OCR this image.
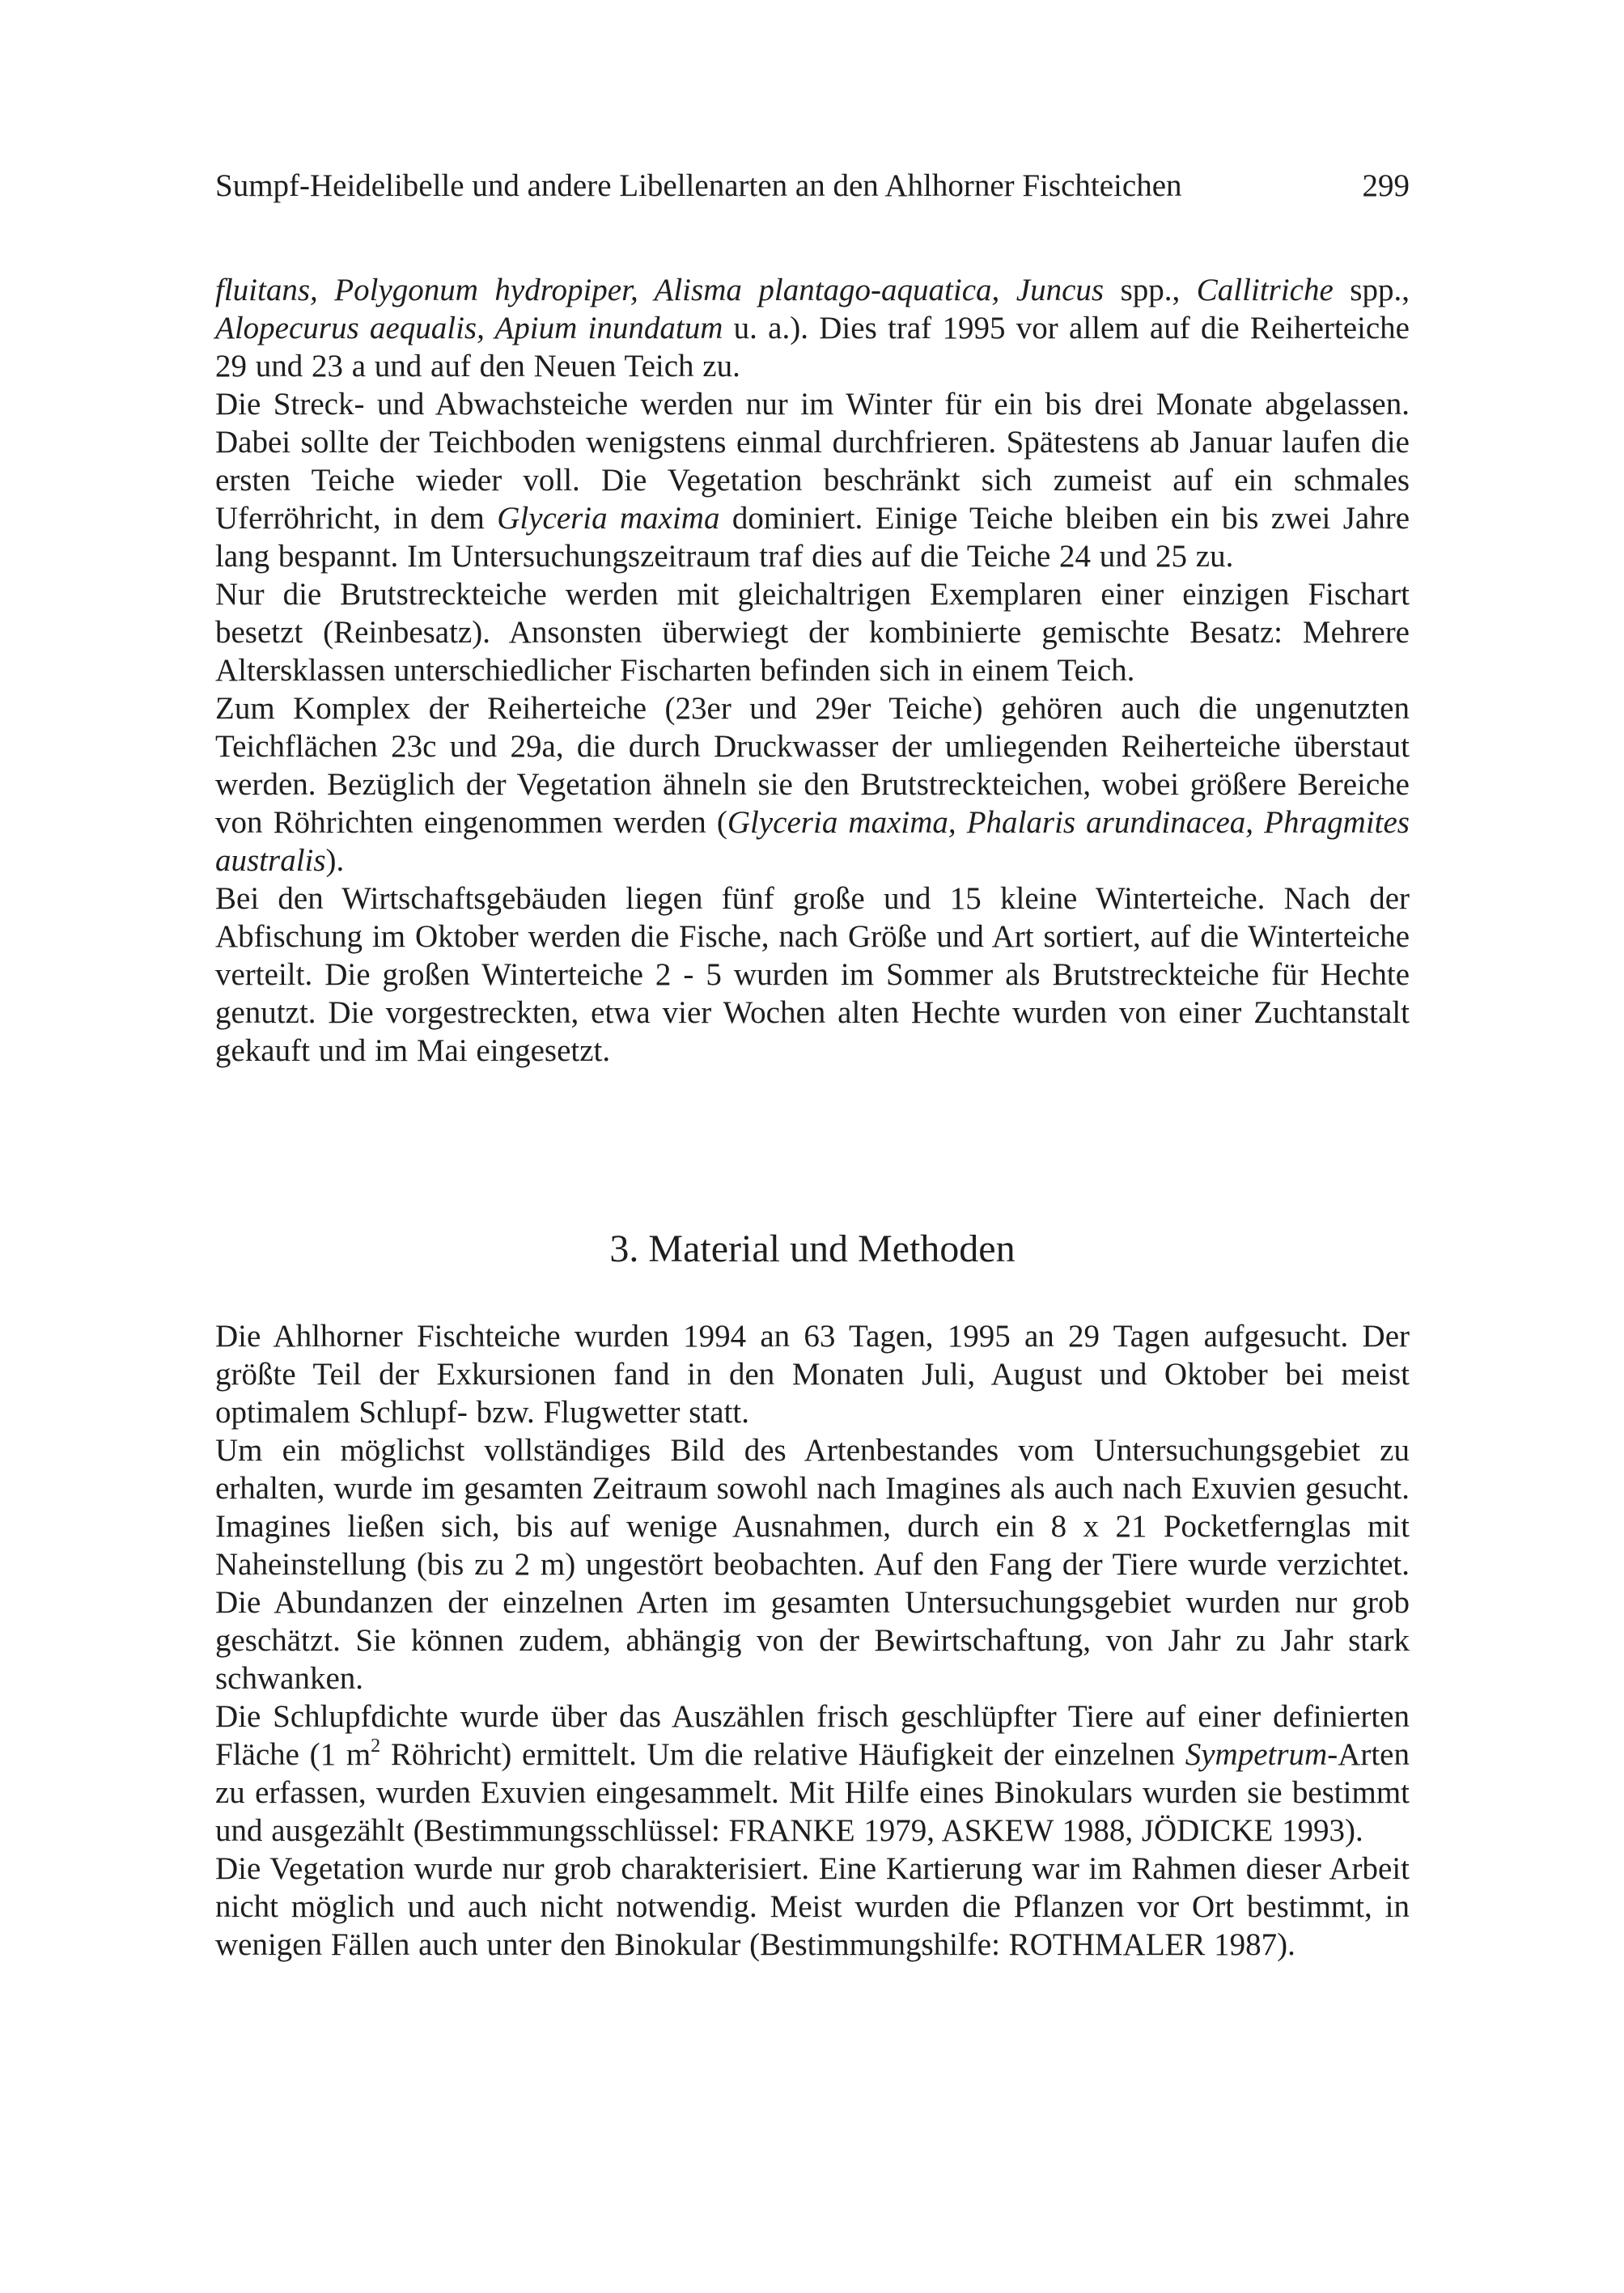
Sumpf-Heidelibelle und andere Libellenarten an den Ahlhorner Fischteichen	299

fluitans, Polygonum hydropiper, Alisma plantago-aquatica, Juncus spp., Callitriche spp., Alopecurus aequalis, Apium inundatum u. a.). Dies traf 1995 vor allem auf die Reiherteiche 29 und 23 a und auf den Neuen Teich zu.

Die Streck- und Abwachsteiche werden nur im Winter für ein bis drei Monate abgelassen. Dabei sollte der Teichboden wenigstens einmal durchfrieren. Spätestens ab Januar laufen die ersten Teiche wieder voll. Die Vegetation beschränkt sich zumeist auf ein schmales Uferröhricht, in dem Glyceria maxima dominiert. Einige Teiche bleiben ein bis zwei Jahre lang bespannt. Im Untersuchungszeitraum traf dies auf die Teiche 24 und 25 zu.

Nur die Brutstreckteiche werden mit gleichaltrigen Exemplaren einer einzigen Fischart besetzt (Reinbesatz). Ansonsten überwiegt der kombinierte gemischte Besatz: Mehrere Altersklassen unterschiedlicher Fischarten befinden sich in einem Teich.

Zum Komplex der Reiherteiche (23er und 29er Teiche) gehören auch die ungenutzten Teichflächen 23c und 29a, die durch Druckwasser der umliegenden Reiherteiche überstaut werden. Bezüglich der Vegetation ähneln sie den Brutstreckteichen, wobei größere Bereiche von Röhrichten eingenommen werden (Glyceria maxima, Phalaris arundinacea, Phragmites australis).

Bei den Wirtschaftsgebäuden liegen fünf große und 15 kleine Winterteiche. Nach der Abfischung im Oktober werden die Fische, nach Größe und Art sortiert, auf die Winterteiche verteilt. Die großen Winterteiche 2 - 5 wurden im Sommer als Brutstreckteiche für Hechte genutzt. Die vorgestreckten, etwa vier Wochen alten Hechte wurden von einer Zuchtanstalt gekauft und im Mai eingesetzt.

3. Material und Methoden

Die Ahlhorner Fischteiche wurden 1994 an 63 Tagen, 1995 an 29 Tagen aufgesucht. Der größte Teil der Exkursionen fand in den Monaten Juli, August und Oktober bei meist optimalem Schlupf- bzw. Flugwetter statt.

Um ein möglichst vollständiges Bild des Artenbestandes vom Untersuchungsgebiet zu erhalten, wurde im gesamten Zeitraum sowohl nach Imagines als auch nach Exuvien gesucht. Imagines ließen sich, bis auf wenige Ausnahmen, durch ein 8 x 21 Pocketfernglas mit Naheinstellung (bis zu 2 m) ungestört beobachten. Auf den Fang der Tiere wurde verzichtet. Die Abundanzen der einzelnen Arten im gesamten Untersuchungsgebiet wurden nur grob geschätzt. Sie können zudem, abhängig von der Bewirtschaftung, von Jahr zu Jahr stark schwanken.

Die Schlupfdichte wurde über das Auszählen frisch geschlüpfter Tiere auf einer definierten Fläche (1 $m^2$ Röhricht) ermittelt. Um die relative Häufigkeit der einzelnen Sympetrum-Arten zu erfassen, wurden Exuvien eingesammelt. Mit Hilfe eines Binokulars wurden sie bestimmt und ausgezählt (Bestimmungsschlüssel: FRANKE 1979, ASKEW 1988, JÖDICKE 1993).

Die Vegetation wurde nur grob charakterisiert. Eine Kartierung war im Rahmen dieser Arbeit nicht möglich und auch nicht notwendig. Meist wurden die Pflanzen vor Ort bestimmt, in wenigen Fällen auch unter den Binokular (Bestimmungshilfe: ROTHMALER 1987).
